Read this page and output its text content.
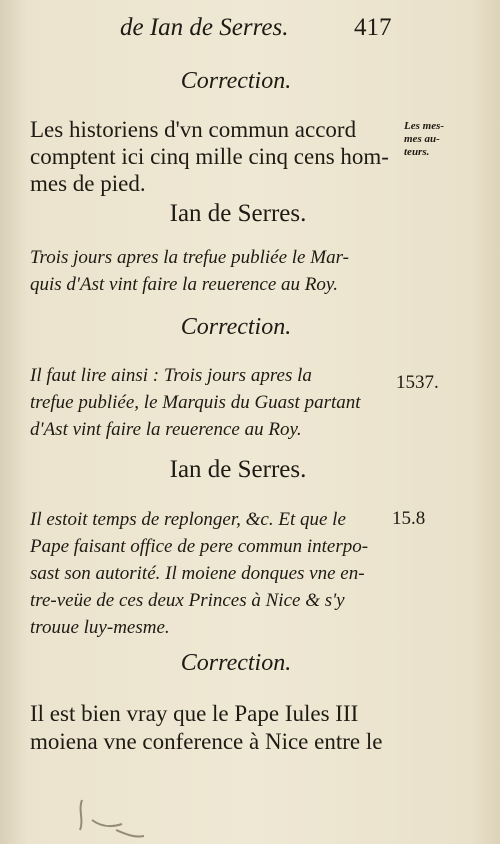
de Ian de Serres.	417
Correction.
Les historiens d'vn commun accord
comptent ici cinq mille cinq cens hom-
mes de pied.
Les mes-
mes au-
teurs.
Ian de Serres.
Trois jours apres la trefue publiée le Mar-
quis d'Ast vint faire la reuerence au Roy.
Correction.
Il faut lire ainsi : Trois jours apres la
trefue publiée, le Marquis du Guast partant
d'Ast vint faire la reuerence au Roy.
1537.
Ian de Serres.
Il estoit temps de replonger, &c. Et que le
Pape faisant office de pere commun interpo-
sast son autorité. Il moiene donques vne en-
tre-veüe de ces deux Princes à Nice & s'y
trouue luy-mesme.
15.8
Correction.
Il est bien vray que le Pape Iules III
moiena vne conference à Nice entre le
